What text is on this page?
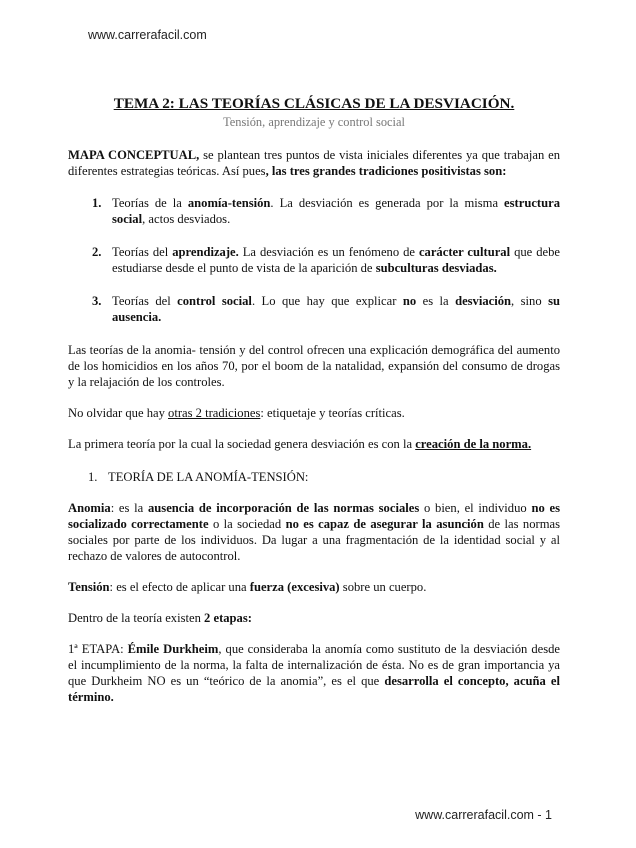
www.carrerafacil.com
TEMA 2: LAS TEORÍAS CLÁSICAS DE LA DESVIACIÓN.
Tensión, aprendizaje y control social

MAPA CONCEPTUAL, se plantean tres puntos de vista iniciales diferentes ya que trabajan en diferentes estrategias teóricas. Así pues, las tres grandes tradiciones positivistas son:

1. Teorías de la anomía-tensión. La desviación es generada por la misma estructura social, actos desviados.
2. Teorías del aprendizaje. La desviación es un fenómeno de carácter cultural que debe estudiarse desde el punto de vista de la aparición de subculturas desviadas.
3. Teorías del control social. Lo que hay que explicar no es la desviación, sino su ausencia.

Las teorías de la anomia- tensión y del control ofrecen una explicación demográfica del aumento de los homicidios en los años 70, por el boom de la natalidad, expansión del consumo de drogas y la relajación de los controles.

No olvidar que hay otras 2 tradiciones: etiquetaje y teorías críticas.

La primera teoría por la cual la sociedad genera desviación es con la creación de la norma.

1. TEORÍA DE LA ANOMÍA-TENSIÓN:

Anomia: es la ausencia de incorporación de las normas sociales o bien, el individuo no es socializado correctamente o la sociedad no es capaz de asegurar la asunción de las normas sociales por parte de los individuos. Da lugar a una fragmentación de la identidad social y al rechazo de valores de autocontrol.

Tensión: es el efecto de aplicar una fuerza (excesiva) sobre un cuerpo.

Dentro de la teoría existen 2 etapas:

1ª ETAPA: Émile Durkheim, que consideraba la anomía como sustituto de la desviación desde el incumplimiento de la norma, la falta de internalización de ésta. No es de gran importancia ya que Durkheim NO es un “teórico de la anomia”, es el que desarrolla el concepto, acuña el término.

www.carrerafacil.com - 1
